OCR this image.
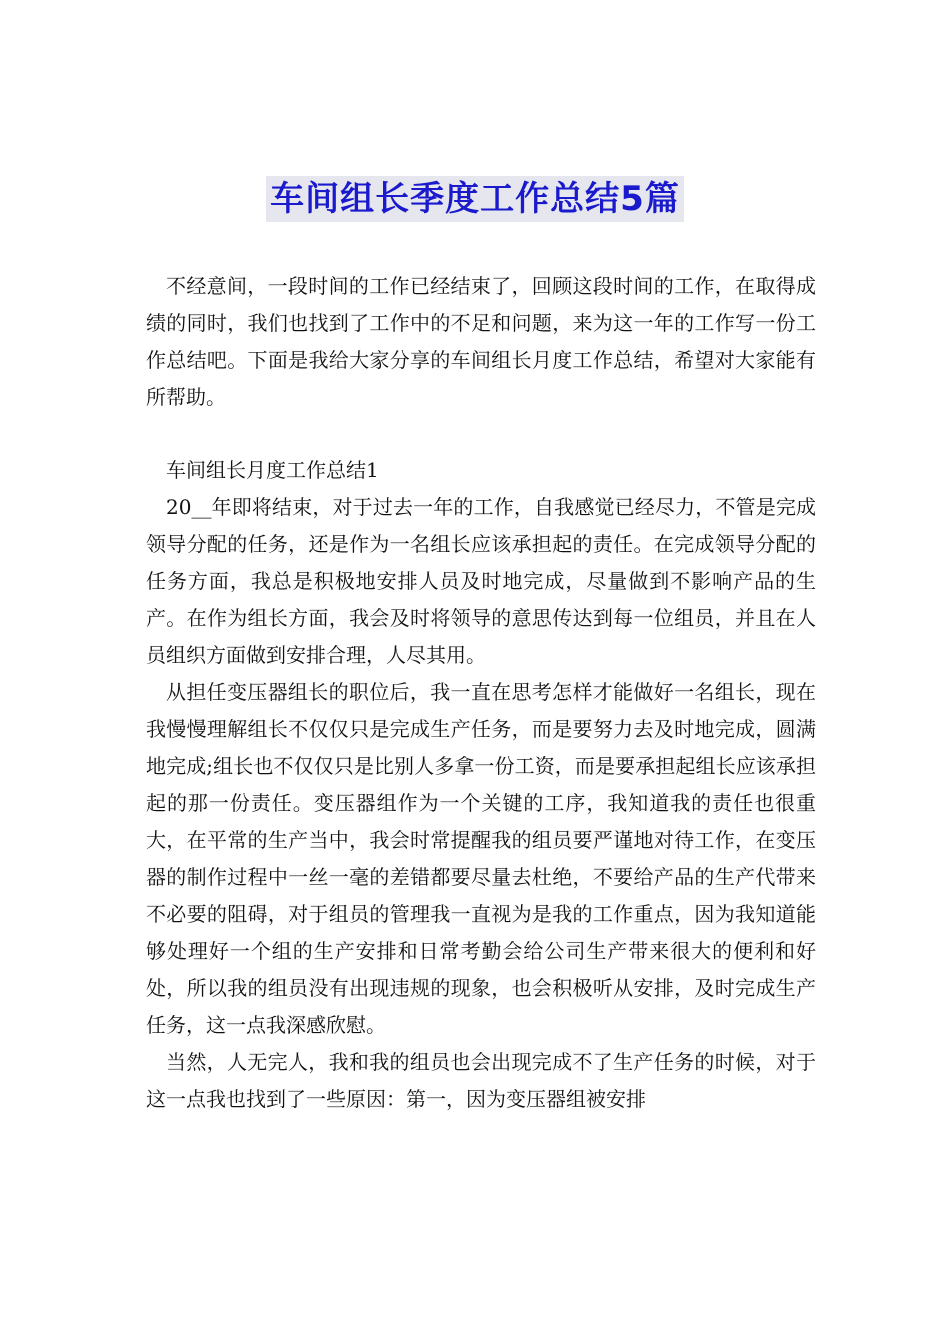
车间组长季度工作总结5篇

不经意间，一段时间的工作已经结束了，回顾这段时间的工作，在取得成绩的同时，我们也找到了工作中的不足和问题，来为这一年的工作写一份工作总结吧。下面是我给大家分享的车间组长月度工作总结，希望对大家能有所帮助。

车间组长月度工作总结1

20__年即将结束，对于过去一年的工作，自我感觉已经尽力，不管是完成领导分配的任务，还是作为一名组长应该承担起的责任。在完成领导分配的任务方面，我总是积极地安排人员及时地完成，尽量做到不影响产品的生产。在作为组长方面，我会及时将领导的意思传达到每一位组员，并且在人员组织方面做到安排合理，人尽其用。

从担任变压器组长的职位后，我一直在思考怎样才能做好一名组长，现在我慢慢理解组长不仅仅只是完成生产任务，而是要努力去及时地完成，圆满地完成;组长也不仅仅只是比别人多拿一份工资，而是要承担起组长应该承担起的那一份责任。变压器组作为一个关键的工序，我知道我的责任也很重大，在平常的生产当中，我会时常提醒我的组员要严谨地对待工作，在变压器的制作过程中一丝一毫的差错都要尽量去杜绝，不要给产品的生产代带来不必要的阻碍，对于组员的管理我一直视为是我的工作重点，因为我知道能够处理好一个组的生产安排和日常考勤会给公司生产带来很大的便利和好处，所以我的组员没有出现违规的现象，也会积极听从安排，及时完成生产任务，这一点我深感欣慰。

当然，人无完人，我和我的组员也会出现完成不了生产任务的时候，对于这一点我也找到了一些原因：第一，因为变压器组被安排
